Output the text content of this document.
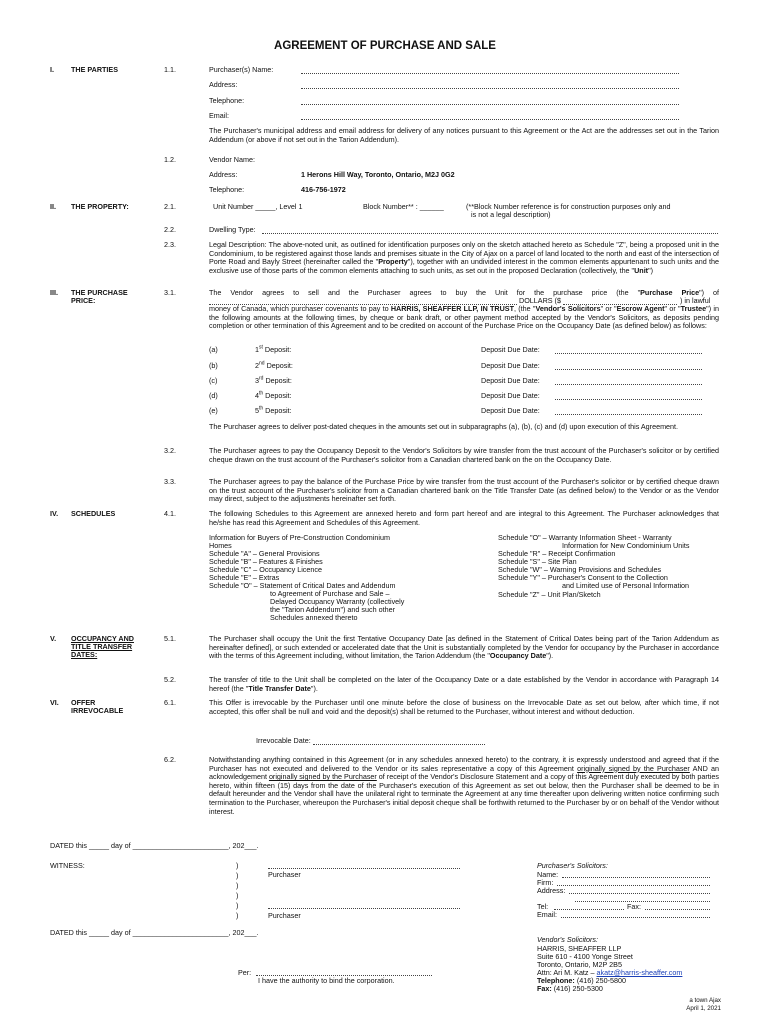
AGREEMENT OF PURCHASE AND SALE
I. THE PARTIES	1.1.	Purchaser(s) Name:
Address:
Telephone:
Email:
The Purchaser's municipal address and email address for delivery of any notices pursuant to this Agreement or the Act are the addresses set out in the Tarion Addendum (or above if not set out in the Tarion Addendum).
1.2.	Vendor Name:
Address:	1 Herons Hill Way, Toronto, Ontario, M2J 0G2
Telephone:	416-756-1972
II. THE PROPERTY:	2.1.	Unit Number _____, Level 1	Block Number** : ______	(**Block Number reference is for construction purposes only and
is not a legal description)
2.2.	Dwelling Type:
2.3.	Legal Description: The above-noted unit, as outlined for identification purposes only on the sketch attached hereto as Schedule "Z", being a proposed unit in the Condominium, to be registered against those lands and premises situate in the City of Ajax on a parcel of land located to the north and east of the intersection of Porte Road and Bayly Street (hereinafter called the "Property"), together with an undivided interest in the common elements appurtenant to such units and the exclusive use of those parts of the common elements attaching to such units, as set out in the proposed Declaration (collectively, the "Unit")
III. THE PURCHASE
PRICE:
3.1.	The Vendor agrees to sell and the Purchaser agrees to buy the Unit for the purchase price (the "Purchase Price") of
DOLLARS ($	) in lawful
money of Canada, which purchaser covenants to pay to HARRIS, SHEAFFER LLP, IN TRUST, (the "Vendor's Solicitors" or "Escrow Agent" or "Trustee") in the following amounts at the following times, by cheque or bank draft, or other payment method accepted by the Vendor's Solicitors, as deposits pending completion or other termination of this Agreement and to be credited on account of the Purchase Price on the Occupancy Date (as defined below) as follows:
(a)	1st Deposit:	Deposit Due Date:
(b)	2nd Deposit:	Deposit Due Date:
(c)	3rd Deposit:	Deposit Due Date:
(d)	4th Deposit:	Deposit Due Date:
(e)	5th Deposit:	Deposit Due Date:
The Purchaser agrees to deliver post-dated cheques in the amounts set out in subparagraphs (a), (b), (c) and (d) upon execution of this Agreement.
3.2.	The Purchaser agrees to pay the Occupancy Deposit to the Vendor's Solicitors by wire transfer from the trust account of the Purchaser's solicitor or by certified cheque drawn on the trust account of the Purchaser's solicitor from a Canadian chartered bank on the on the Occupancy Date.
3.3.	The Purchaser agrees to pay the balance of the Purchase Price by wire transfer from the trust account of the Purchaser's solicitor or by certified cheque drawn on the trust account of the Purchaser's solicitor from a Canadian chartered bank on the Title Transfer Date (as defined below) to the Vendor or as the Vendor may direct, subject to the adjustments hereinafter set forth.
IV. SCHEDULES	4.1.	The following Schedules to this Agreement are annexed hereto and form part hereof and are integral to this Agreement. The Purchaser acknowledges that he/she has read this Agreement and Schedules of this Agreement.
Information for Buyers of Pre-Construction Condominium
Homes
Schedule "A" – General Provisions
Schedule "B" – Features & Finishes
Schedule "C" – Occupancy Licence
Schedule "E" – Extras
Schedule "O" – Statement of Critical Dates and Addendum
to Agreement of Purchase and Sale –
Delayed Occupancy Warranty (collectively
the "Tarion Addendum") and such other
Schedules annexed thereto
Schedule "O" – Warranty Information Sheet - Warranty
Information for New Condominium Units
Schedule "R" – Receipt Confirmation
Schedule "S" – Site Plan
Schedule "W" – Warning Provisions and Schedules
Schedule "Y" – Purchaser's Consent to the Collection
and Limited use of Personal Information
Schedule "Z" – Unit Plan/Sketch
V. OCCUPANCY AND
TITLE TRANSFER
DATES:
5.1.	The Purchaser shall occupy the Unit the first Tentative Occupancy Date [as defined in the Statement of Critical Dates being part of the Tarion Addendum as hereinafter defined], or such extended or accelerated date that the Unit is substantially completed by the Vendor for occupancy by the Purchaser in accordance with the terms of this Agreement including, without limitation, the Tarion Addendum (the "Occupancy Date").
5.2.	The transfer of title to the Unit shall be completed on the later of the Occupancy Date or a date established by the Vendor in accordance with Paragraph 14 hereof (the "Title Transfer Date").
VI. OFFER
IRREVOCABLE
6.1.	This Offer is irrevocable by the Purchaser until one minute before the close of business on the Irrevocable Date as set out below, after which time, if not accepted, this offer shall be null and void and the deposit(s) shall be returned to the Purchaser, without interest and without deduction.
Irrevocable Date:
6.2.	Notwithstanding anything contained in this Agreement (or in any schedules annexed hereto) to the contrary, it is expressly understood and agreed that if the Purchaser has not executed and delivered to the Vendor or its sales representative a copy of this Agreement originally signed by the Purchaser AND an acknowledgement originally signed by the Purchaser of receipt of the Vendor's Disclosure Statement and a copy of this Agreement duly executed by both parties hereto, within fifteen (15) days from the date of the Purchaser's execution of this Agreement as set out below, then the Purchaser shall be deemed to be in default hereunder and the Vendor shall have the unilateral right to terminate the Agreement at any time thereafter upon delivering written notice confirming such termination to the Purchaser, whereupon the Purchaser's initial deposit cheque shall be forthwith returned to the Purchaser by or on behalf of the Vendor without interest.
DATED this _____ day of ________________________, 202___.
WITNESS:	)
)
)
)
)
)
Purchaser
Purchaser
DATED this _____ day of ________________________, 202___.
Per:
I have the authority to bind the corporation.
Purchaser's Solicitors:
Name:
Firm:
Address:
Tel:	Fax:
Email:
Vendor's Solicitors:
HARRIS, SHEAFFER LLP
Suite 610 - 4100 Yonge Street
Toronto, Ontario, M2P 2B5
Attn: Ari M. Katz – akatz@harris-sheaffer.com
Telephone: (416) 250-5800
Fax: (416) 250-5300
a town Ajax
April 1, 2021
